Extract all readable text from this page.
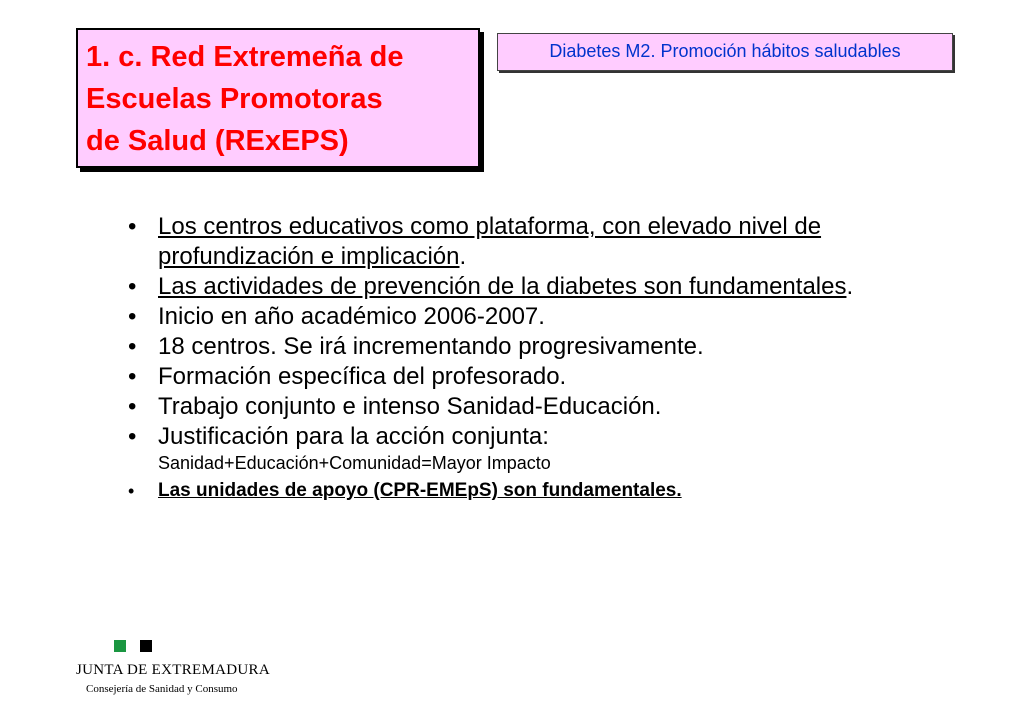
1. c. Red Extremeña de
Escuelas Promotoras
de Salud (RExEPS)
Diabetes M2. Promoción hábitos saludables
• Los centros educativos como plataforma, con elevado nivel de profundización e implicación.
• Las actividades de prevención de la diabetes son fundamentales.
• Inicio en año académico 2006-2007.
• 18 centros. Se irá incrementando progresivamente.
• Formación específica del profesorado.
• Trabajo conjunto e intenso Sanidad-Educación.
• Justificación para la acción conjunta:
Sanidad+Educación+Comunidad=Mayor Impacto
• Las unidades de apoyo (CPR-EMEpS) son fundamentales.
JUNTA DE EXTREMADURA
Consejería de Sanidad y Consumo
